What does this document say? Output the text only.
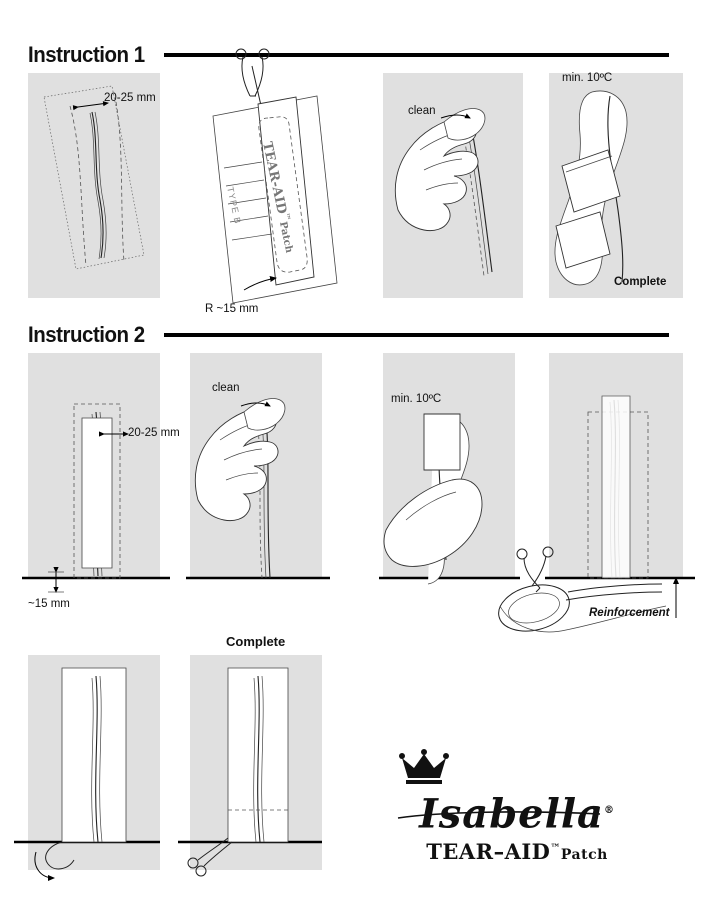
Instruction 1
Instruction 2
20-25 mm
R ~15 mm
clean
min. 10ºC
Complete
TEAR-AID™Patch
TYPE B
20-25 mm
~15 mm
clean
min. 10ºC
Reinforcement
Complete
Isabella®
TEAR–AID™Patch
